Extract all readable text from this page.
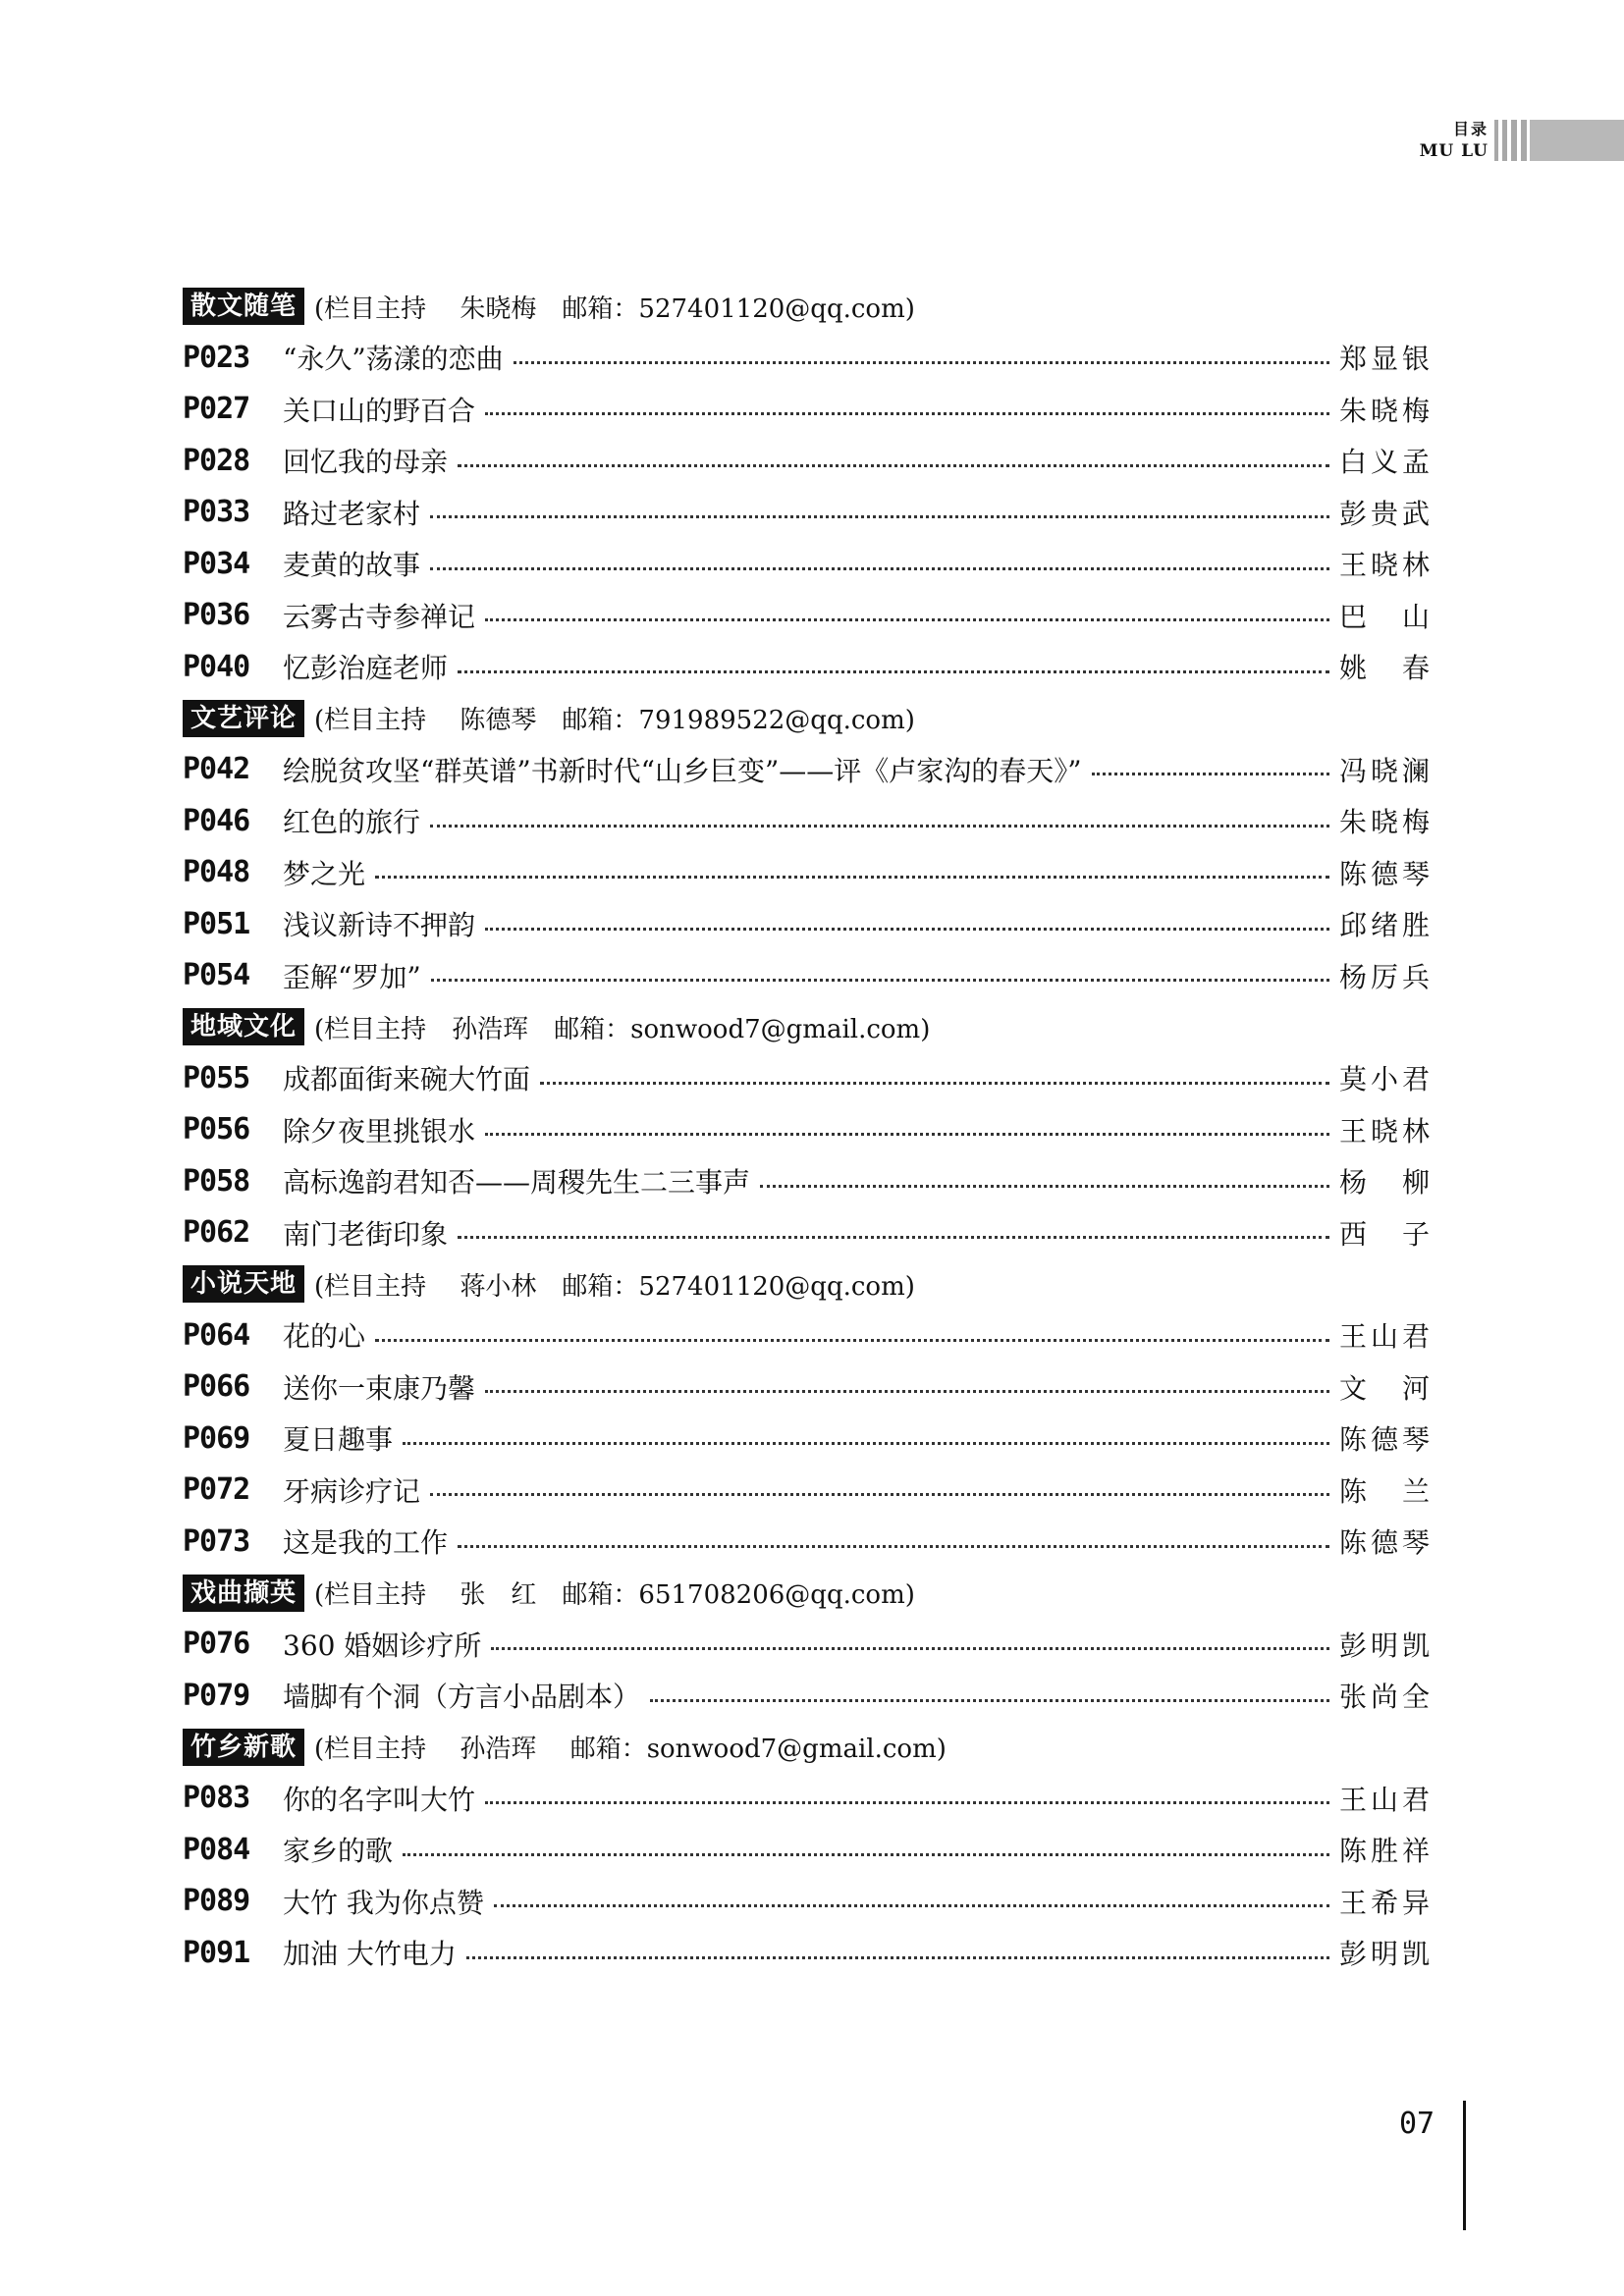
目录
MU LU
散文随笔 (栏目主持　 朱晓梅　邮箱：527401120@qq.com)
P023	“永久”荡漾的恋曲	郑显银
P027	关口山的野百合	朱晓梅
P028	回忆我的母亲	白义孟
P033	路过老家村	彭贵武
P034	麦黄的故事	王晓林
P036	云雾古寺参禅记	巴山
P040	忆彭治庭老师	姚春
文艺评论 (栏目主持　 陈德琴　邮箱：791989522@qq.com)
P042	绘脱贫攻坚“群英谱”书新时代“山乡巨变”——评《卢家沟的春天》”	冯晓澜
P046	红色的旅行	朱晓梅
P048	梦之光	陈德琴
P051	浅议新诗不押韵	邱绪胜
P054	歪解“罗加”	杨厉兵
地域文化 (栏目主持　孙浩珲　邮箱：sonwood7@gmail.com)
P055	成都面街来碗大竹面	莫小君
P056	除夕夜里挑银水	王晓林
P058	高标逸韵君知否——周稷先生二三事声	杨柳
P062	南门老街印象	西子
小说天地 (栏目主持　 蒋小林　邮箱：527401120@qq.com)
P064	花的心	王山君
P066	送你一束康乃馨	文河
P069	夏日趣事	陈德琴
P072	牙病诊疗记	陈兰
P073	这是我的工作	陈德琴
戏曲撷英 (栏目主持　 张　红　邮箱：651708206@qq.com)
P076	360 婚姻诊疗所	彭明凯
P079	墙脚有个洞（方言小品剧本）	张尚全
竹乡新歌 (栏目主持　 孙浩珲　 邮箱：sonwood7@gmail.com)
P083	你的名字叫大竹	王山君
P084	家乡的歌	陈胜祥
P089	大竹 我为你点赞	王希异
P091	加油 大竹电力	彭明凯
07
